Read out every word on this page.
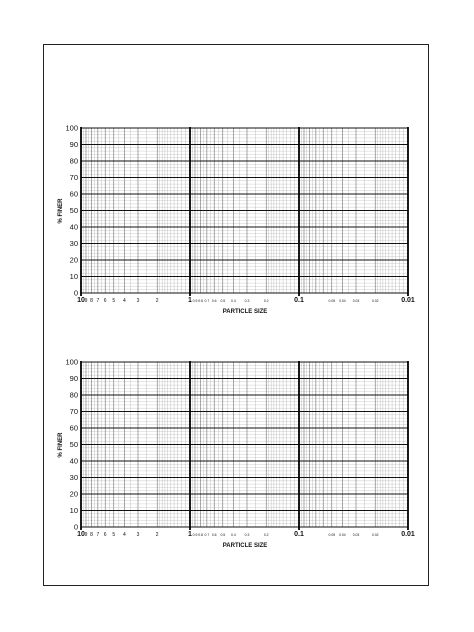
0
10
20
30
40
50
60
70
80
90
100
10	1	0.1	0.01
9 8 7 6 5 4 3	2	0.9 0.8 0.7 0.6 0.5 0.4	0.3	0.2	0.05 0.04 0.03	0.02
% FINER
PARTICLE SIZE
0
10
20
30
40
50
60
70
80
90
100
10	1	0.1	0.01
9 8 7 6 5 4 3	2	0.9 0.8 0.7 0.6 0.5 0.4	0.3	0.2	0.05 0.04 0.03	0.02
% FINER
PARTICLE SIZE
